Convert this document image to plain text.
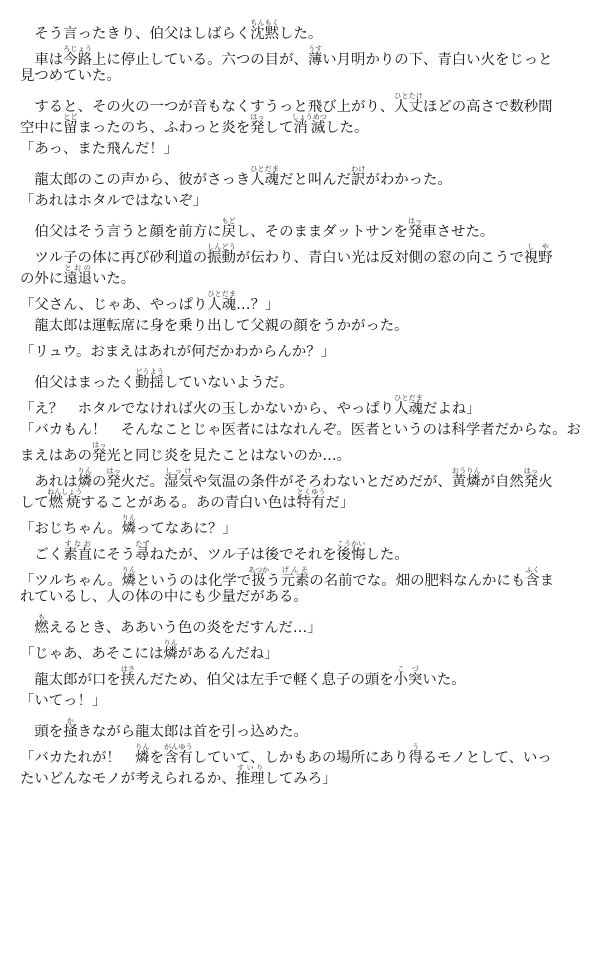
　そう言ったきり、伯父はしばらく沈黙ちんもくした。
　車は今路ろじょう上に停止している。六つの目が、薄うすい月明かりの下、青白い火をじっと
見つめていた。
　すると、その火の一つが音もなくすうっと飛び上がり、人丈ひとたけほどの高さで数秒間
空中に留とどまったのち、ふわっと炎を発はっして消滅しょうめつした。
「あっ、また飛んだ！」
　龍太郎のこの声から、彼がさっき人魂ひとだまだと叫んだ訳わけがわかった。
「あれはホタルではないぞ」
　伯父はそう言うと顔を前方に戻もどし、そのままダットサンを発はっ車させた。
　ツル子の体に再び砂利道の振動しんどうが伝わり、青白い光は反対側の窓の向こうで視野しや
の外に遠退とおのいた。
「父さん、じゃあ、やっぱり人魂ひとだま…？」
　龍太郎は運転席に身を乗り出して父親の顔をうかがった。
「リュウ。おまえはあれが何だかわからんか？」
　伯父はまったく動揺どうようしていないようだ。
「え？　ホタルでなければ火の玉しかないから、やっぱり人魂ひとだまだよね」
「バカもん！　そんなことじゃ医者にはなれんぞ。医者というのは科学者だからな。お
まえはあの発はっ光と同じ炎を見たことはないのか…。
　あれは燐りんの発はっ火だ。湿気しっけや気温の条件がそろわないとだめだが、黄燐おうりんが自然発はっ火
して燃焼ねんしょうすることがある。あの青白い色は特有とくゆうだ」
「おじちゃん。燐りんってなあに？」
　ごく素直すなおにそう尋たずねたが、ツル子は後でそれを後悔こうかいした。
「ツルちゃん。燐りんというのは化学で扱あつかう元素げんその名前でな。畑の肥料なんかにも含ふくま
れているし、人の体の中にも少量だがある。
　燃もえるとき、ああいう色の炎をだすんだ…」
「じゃあ、あそこには燐りんがあるんだね」
　龍太郎が口を挟はさんだため、伯父は左手で軽く息子の頭を小突こづいた。
「いてっ！」
　頭を掻かきながら龍太郎は首を引っ込めた。
「バカたれが！　燐りんを含有がんゆうしていて、しかもあの場所にあり得うるモノとして、いっ
たいどんなモノが考えられるか、推理すいりしてみろ」
